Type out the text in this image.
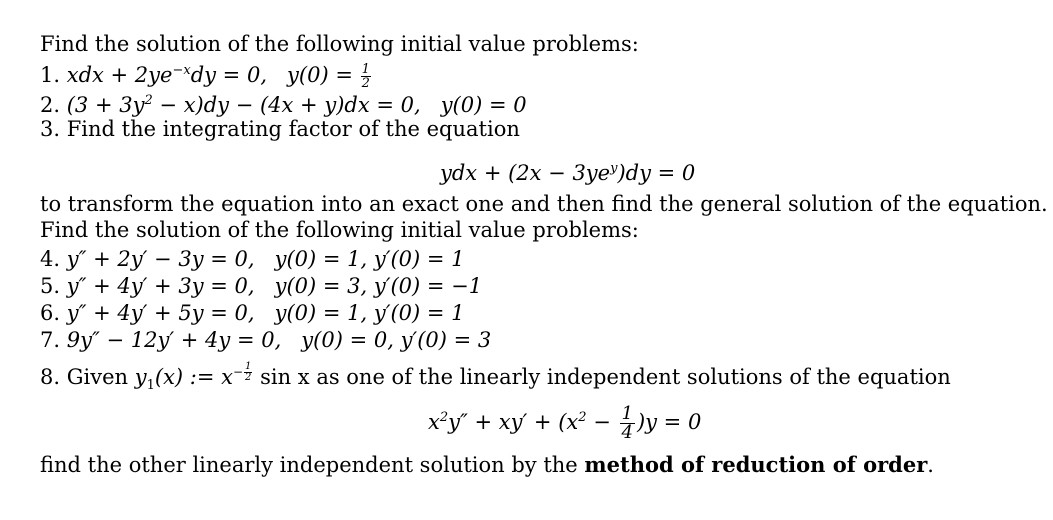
Find the solution of the following initial value problems:
1. xdx + $2ye^{-x}dy = 0$, $y(0) = \frac{1}{2}$
2. $(3 + 3y^2 - x)dy - (4x + y)dx = 0$, y(0) = 0
3. Find the integrating factor of the equation
ydx + $(2x - 3ye^y)dy = 0$
to transform the equation into an exact one and then find the general solution of the equation.
Find the solution of the following initial value problems:
4. y″ + 2y′ − 3y = 0, y(0) = 1, y′(0) = 1
5. y″ + 4y′ + 3y = 0, y(0) = 3, y′(0) = −1
6. y″ + 4y′ + 5y = 0, y(0) = 1, y′(0) = 1
7. 9y″ − 12y′ + 4y = 0, y(0) = 0, y′(0) = 3
8. Given $y_1(x)$ := $x^{- \frac{1}{2}}$ sin x as one of the linearly independent solutions of the equation
$x^2y'' + xy' + (x^2 - \frac{1}{4} )y = 0$
find the other linearly independent solution by the method of reduction of order.
